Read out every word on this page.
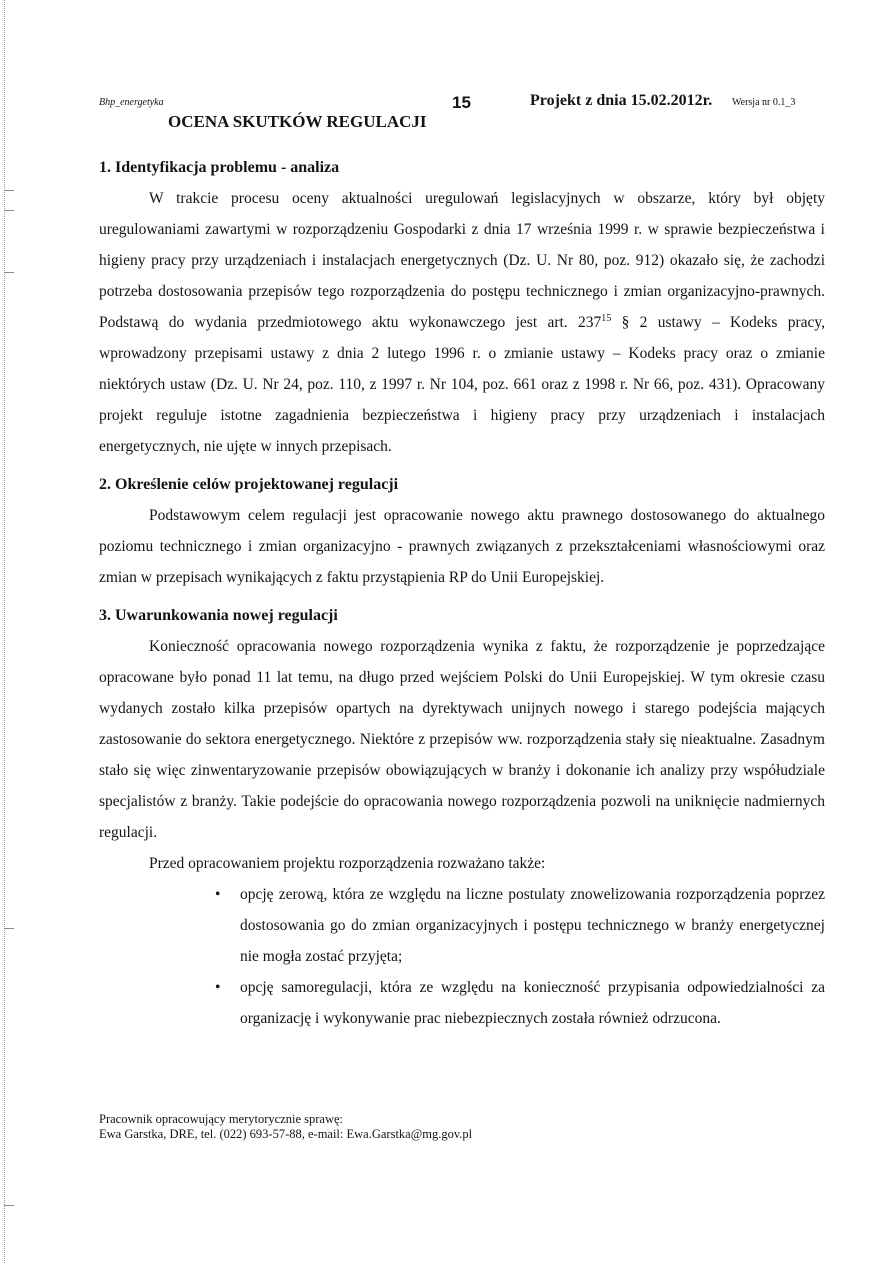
Bhp_energetyka	15	Projekt z dnia 15.02.2012r. Wersja nr 0.1_3
OCENA SKUTKÓW REGULACJI

1. Identyfikacja problemu - analiza

W trakcie procesu oceny aktualności uregulowań legislacyjnych w obszarze, który był objęty uregulowaniami zawartymi w rozporządzeniu Gospodarki z dnia 17 września 1999 r. w sprawie bezpieczeństwa i higieny pracy przy urządzeniach i instalacjach energetycznych (Dz. U. Nr 80, poz. 912) okazało się, że zachodzi potrzeba dostosowania przepisów tego rozporządzenia do postępu technicznego i zmian organizacyjno-prawnych. Podstawą do wydania przedmiotowego aktu wykonawczego jest art. $237^{15}$ § 2 ustawy – Kodeks pracy, wprowadzony przepisami ustawy z dnia 2 lutego 1996 r. o zmianie ustawy – Kodeks pracy oraz o zmianie niektórych ustaw (Dz. U. Nr 24, poz. 110, z 1997 r. Nr 104, poz. 661 oraz z 1998 r. Nr 66, poz. 431). Opracowany projekt reguluje istotne zagadnienia bezpieczeństwa i higieny pracy przy urządzeniach i instalacjach energetycznych, nie ujęte w innych przepisach.

2. Określenie celów projektowanej regulacji

Podstawowym celem regulacji jest opracowanie nowego aktu prawnego dostosowanego do aktualnego poziomu technicznego i zmian organizacyjno - prawnych związanych z przekształceniami własnościowymi oraz zmian w przepisach wynikających z faktu przystąpienia RP do Unii Europejskiej.

3. Uwarunkowania nowej regulacji

Konieczność opracowania nowego rozporządzenia wynika z faktu, że rozporządzenie je poprzedzające opracowane było ponad 11 lat temu, na długo przed wejściem Polski do Unii Europejskiej. W tym okresie czasu wydanych zostało kilka przepisów opartych na dyrektywach unijnych nowego i starego podejścia mających zastosowanie do sektora energetycznego. Niektóre z przepisów ww. rozporządzenia stały się nieaktualne. Zasadnym stało się więc zinwentaryzowanie przepisów obowiązujących w branży i dokonanie ich analizy przy współudziale specjalistów z branży. Takie podejście do opracowania nowego rozporządzenia pozwoli na uniknięcie nadmiernych regulacji.

Przed opracowaniem projektu rozporządzenia rozważano także:

• opcję zerową, która ze względu na liczne postulaty znowelizowania rozporządzenia poprzez dostosowania go do zmian organizacyjnych i postępu technicznego w branży energetycznej nie mogła zostać przyjęta;
• opcję samoregulacji, która ze względu na konieczność przypisania odpowiedzialności za organizację i wykonywanie prac niebezpiecznych została również odrzucona.
Pracownik opracowujący merytorycznie sprawę:
Ewa Garstka, DRE, tel. (022) 693-57-88, e-mail: Ewa.Garstka@mg.gov.pl
